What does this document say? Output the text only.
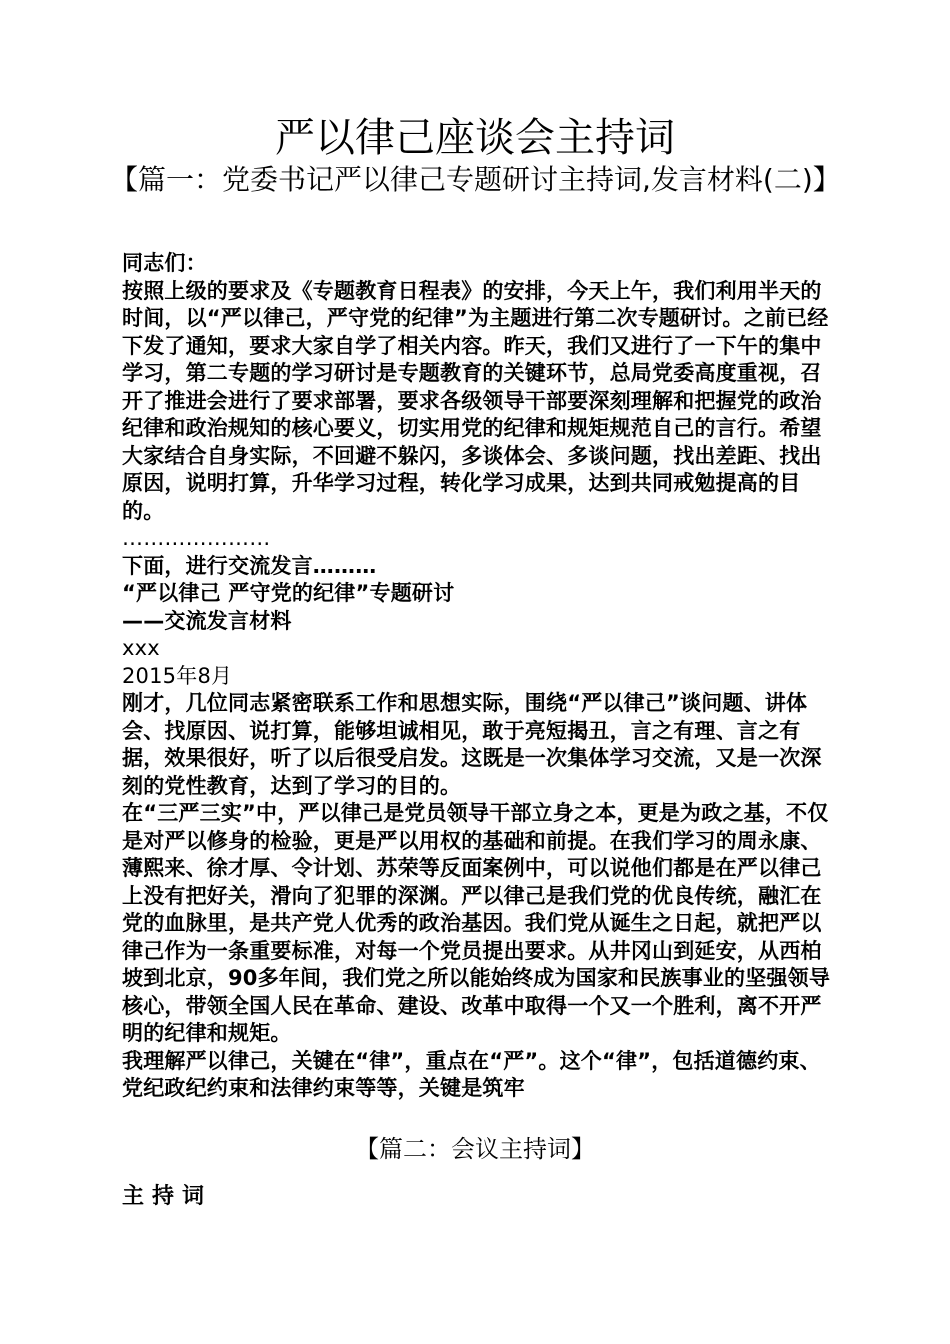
严以律己座谈会主持词
【篇一：党委书记严以律己专题研讨主持词,发言材料(二)】

同志们：

按照上级的要求及《专题教育日程表》的安排，今天上午，我们利用半天的时间，以“严以律己，严守党的纪律”为主题进行第二次专题研讨。之前已经下发了通知，要求大家自学了相关内容。昨天，我们又进行了一下午的集中学习，第二专题的学习研讨是专题教育的关键环节，总局党委高度重视，召开了推进会进行了要求部署，要求各级领导干部要深刻理解和把握党的政治纪律和政治规知的核心要义，切实用党的纪律和规矩规范自己的言行。希望大家结合自身实际，不回避不躲闪，多谈体会、多谈问题，找出差距、找出原因，说明打算，升华学习过程，转化学习成果，达到共同戒勉提高的目的。

…………………

下面，进行交流发言………

“严以律己 严守党的纪律”专题研讨

——交流发言材料

xxx

2015年8月

刚才，几位同志紧密联系工作和思想实际，围绕“严以律己”谈问题、讲体会、找原因、说打算，能够坦诚相见，敢于亮短揭丑，言之有理、言之有据，效果很好，听了以后很受启发。这既是一次集体学习交流，又是一次深刻的党性教育，达到了学习的目的。

在“三严三实”中，严以律己是党员领导干部立身之本，更是为政之基，不仅是对严以修身的检验，更是严以用权的基础和前提。在我们学习的周永康、薄熙来、徐才厚、令计划、苏荣等反面案例中，可以说他们都是在严以律己上没有把好关，滑向了犯罪的深渊。严以律己是我们党的优良传统，融汇在党的血脉里，是共产党人优秀的政治基因。我们党从诞生之日起，就把严以律己作为一条重要标准，对每一个党员提出要求。从井冈山到延安，从西柏坡到北京，90多年间，我们党之所以能始终成为国家和民族事业的坚强领导核心，带领全国人民在革命、建设、改革中取得一个又一个胜利，离不开严明的纪律和规矩。

我理解严以律己，关键在“律”，重点在“严”。这个“律”，包括道德约束、党纪政纪约束和法律约束等等，关键是筑牢

【篇二：会议主持词】
主持词
